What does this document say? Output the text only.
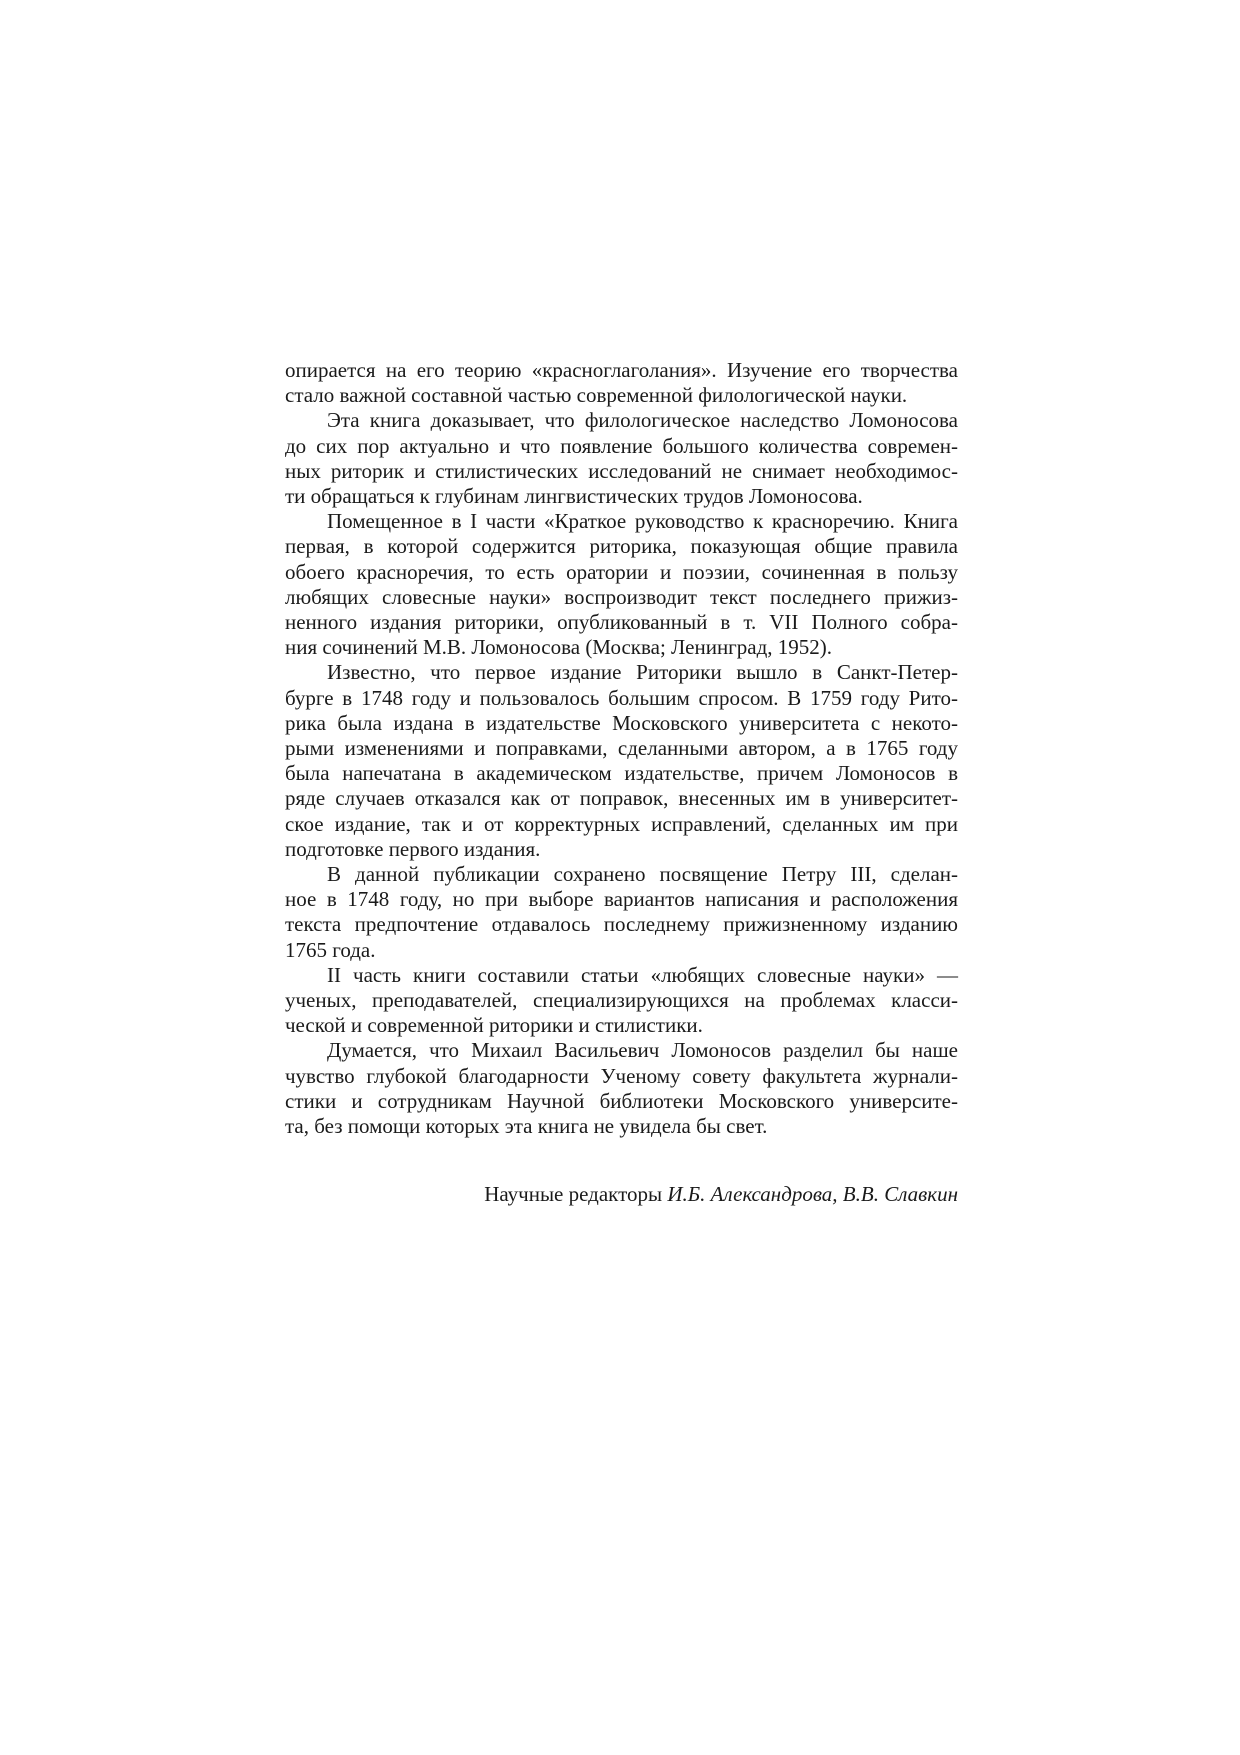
опирается на его теорию «красноглаголания». Изучение его творчества
стало важной составной частью современной филологической науки.
Эта книга доказывает, что филологическое наследство Ломоносова
до сих пор актуально и что появление большого количества современ-
ных риторик и стилистических исследований не снимает необходимос-
ти обращаться к глубинам лингвистических трудов Ломоносова.
Помещенное в I части «Краткое руководство к красноречию. Книга
первая, в которой содержится риторика, показующая общие правила
обоего красноречия, то есть оратории и поэзии, сочиненная в пользу
любящих словесные науки» воспроизводит текст последнего прижиз-
ненного издания риторики, опубликованный в т. VII Полного собра-
ния сочинений М.В. Ломоносова (Москва; Ленинград, 1952).
Известно, что первое издание Риторики вышло в Санкт-Петер-
бурге в 1748 году и пользовалось большим спросом. В 1759 году Рито-
рика была издана в издательстве Московского университета с некото-
рыми изменениями и поправками, сделанными автором, а в 1765 году
была напечатана в академическом издательстве, причем Ломоносов в
ряде случаев отказался как от поправок, внесенных им в университет-
ское издание, так и от корректурных исправлений, сделанных им при
подготовке первого издания.
В данной публикации сохранено посвящение Петру III, сделан-
ное в 1748 году, но при выборе вариантов написания и расположения
текста предпочтение отдавалось последнему прижизненному изданию
1765 года.
II часть книги составили статьи «любящих словесные науки» —
ученых, преподавателей, специализирующихся на проблемах класси-
ческой и современной риторики и стилистики.
Думается, что Михаил Васильевич Ломоносов разделил бы наше
чувство глубокой благодарности Ученому совету факультета журнали-
стики и сотрудникам Научной библиотеки Московского университе-
та, без помощи которых эта книга не увидела бы свет.
Научные редакторы И.Б. Александрова, В.В. Славкин
